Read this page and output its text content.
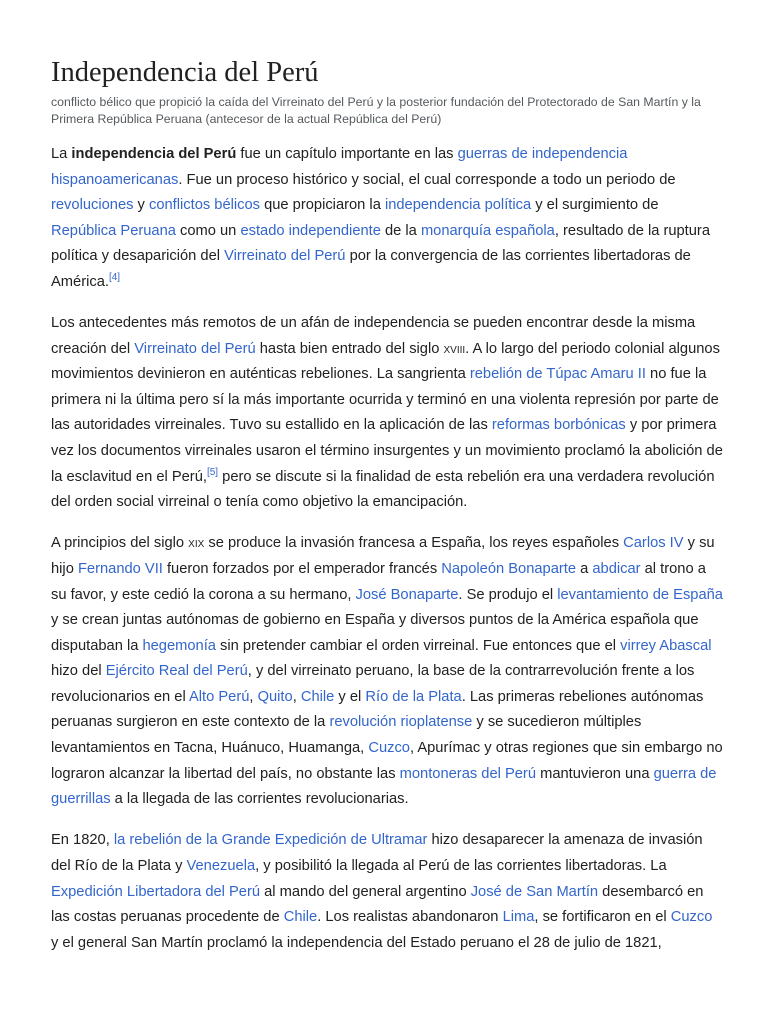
Independencia del Perú
conflicto bélico que propició la caída del Virreinato del Perú y la posterior fundación del Protectorado de San Martín y la Primera República Peruana (antecesor de la actual República del Perú)

La independencia del Perú fue un capítulo importante en las guerras de independencia hispanoamericanas. Fue un proceso histórico y social, el cual corresponde a todo un periodo de revoluciones y conflictos bélicos que propiciaron la independencia política y el surgimiento de República Peruana como un estado independiente de la monarquía española, resultado de la ruptura política y desaparición del Virreinato del Perú por la convergencia de las corrientes libertadoras de América.[4]

Los antecedentes más remotos de un afán de independencia se pueden encontrar desde la misma creación del Virreinato del Perú hasta bien entrado del siglo xviii. A lo largo del periodo colonial algunos movimientos devinieron en auténticas rebeliones. La sangrienta rebelión de Túpac Amaru II no fue la primera ni la última pero sí la más importante ocurrida y terminó en una violenta represión por parte de las autoridades virreinales. Tuvo su estallido en la aplicación de las reformas borbónicas y por primera vez los documentos virreinales usaron el término insurgentes y un movimiento proclamó la abolición de la esclavitud en el Perú,[5] pero se discute si la finalidad de esta rebelión era una verdadera revolución del orden social virreinal o tenía como objetivo la emancipación.

A principios del siglo xix se produce la invasión francesa a España, los reyes españoles Carlos IV y su hijo Fernando VII fueron forzados por el emperador francés Napoleón Bonaparte a abdicar al trono a su favor, y este cedió la corona a su hermano, José Bonaparte. Se produjo el levantamiento de España y se crean juntas autónomas de gobierno en España y diversos puntos de la América española que disputaban la hegemonía sin pretender cambiar el orden virreinal. Fue entonces que el virrey Abascal hizo del Ejército Real del Perú, y del virreinato peruano, la base de la contrarrevolución frente a los revolucionarios en el Alto Perú, Quito, Chile y el Río de la Plata. Las primeras rebeliones autónomas peruanas surgieron en este contexto de la revolución rioplatense y se sucedieron múltiples levantamientos en Tacna, Huánuco, Huamanga, Cuzco, Apurímac y otras regiones que sin embargo no lograron alcanzar la libertad del país, no obstante las montoneras del Perú mantuvieron una guerra de guerrillas a la llegada de las corrientes revolucionarias.

En 1820, la rebelión de la Grande Expedición de Ultramar hizo desaparecer la amenaza de invasión del Río de la Plata y Venezuela, y posibilitó la llegada al Perú de las corrientes libertadoras. La Expedición Libertadora del Perú al mando del general argentino José de San Martín desembarcó en las costas peruanas procedente de Chile. Los realistas abandonaron Lima, se fortificaron en el Cuzco y el general San Martín proclamó la independencia del Estado peruano el 28 de julio de 1821,
